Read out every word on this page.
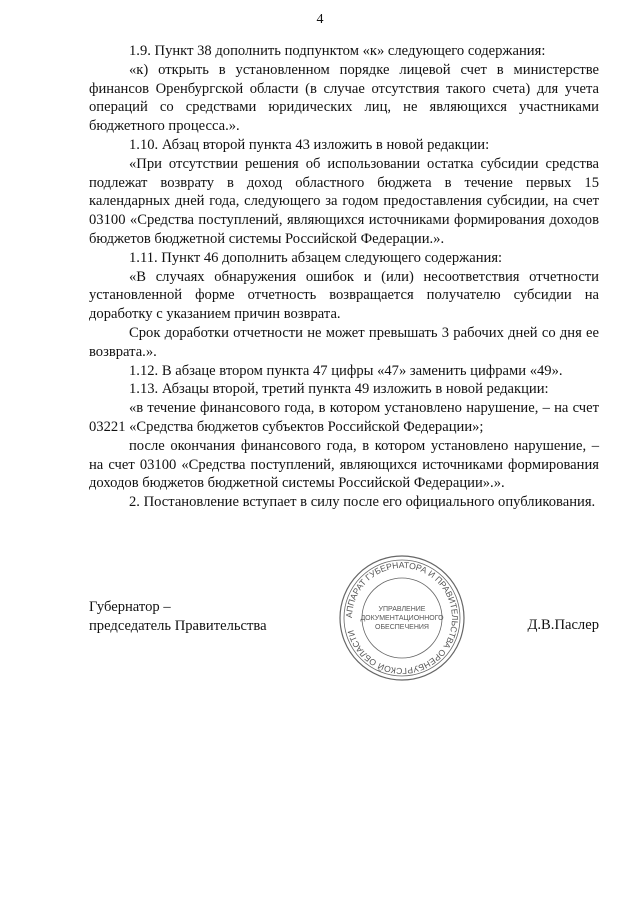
4

1.9. Пункт 38 дополнить подпунктом «к» следующего содержания:

«к) открыть в установленном порядке лицевой счет в министерстве финансов Оренбургской области (в случае отсутствия такого счета) для учета операций со средствами юридических лиц, не являющихся участниками бюджетного процесса.».

1.10. Абзац второй пункта 43 изложить в новой редакции:

«При отсутствии решения об использовании остатка субсидии средства подлежат возврату в доход областного бюджета в течение первых 15 календарных дней года, следующего за годом предоставления субсидии, на счет 03100 «Средства поступлений, являющихся источниками формирования доходов бюджетов бюджетной системы Российской Федерации.».

1.11. Пункт 46 дополнить абзацем следующего содержания:

«В случаях обнаружения ошибок и (или) несоответствия отчетности установленной форме отчетность возвращается получателю субсидии на доработку с указанием причин возврата.

Срок доработки отчетности не может превышать 3 рабочих дней со дня ее возврата.».

1.12. В абзаце втором пункта 47 цифры «47» заменить цифрами «49».

1.13. Абзацы второй, третий пункта 49 изложить в новой редакции:

«в течение финансового года, в котором установлено нарушение, – на счет 03221 «Средства бюджетов субъектов Российской Федерации»;

после окончания финансового года, в котором установлено нарушение, – на счет 03100 «Средства поступлений, являющихся источниками формирования доходов бюджетов бюджетной системы Российской Федерации».».

2. Постановление вступает в силу после его официального опубликования.

Губернатор –
председатель Правительства
АППАРАТ ГУБЕРНАТОРА И ПРАВИТЕЛЬСТВА ОРЕНБУРГСКОЙ ОБЛАСТИ
УПРАВЛЕНИЕ
ДОКУМЕНТАЦИОННОГО
ОБЕСПЕЧЕНИЯ	Д.В.Паслер
